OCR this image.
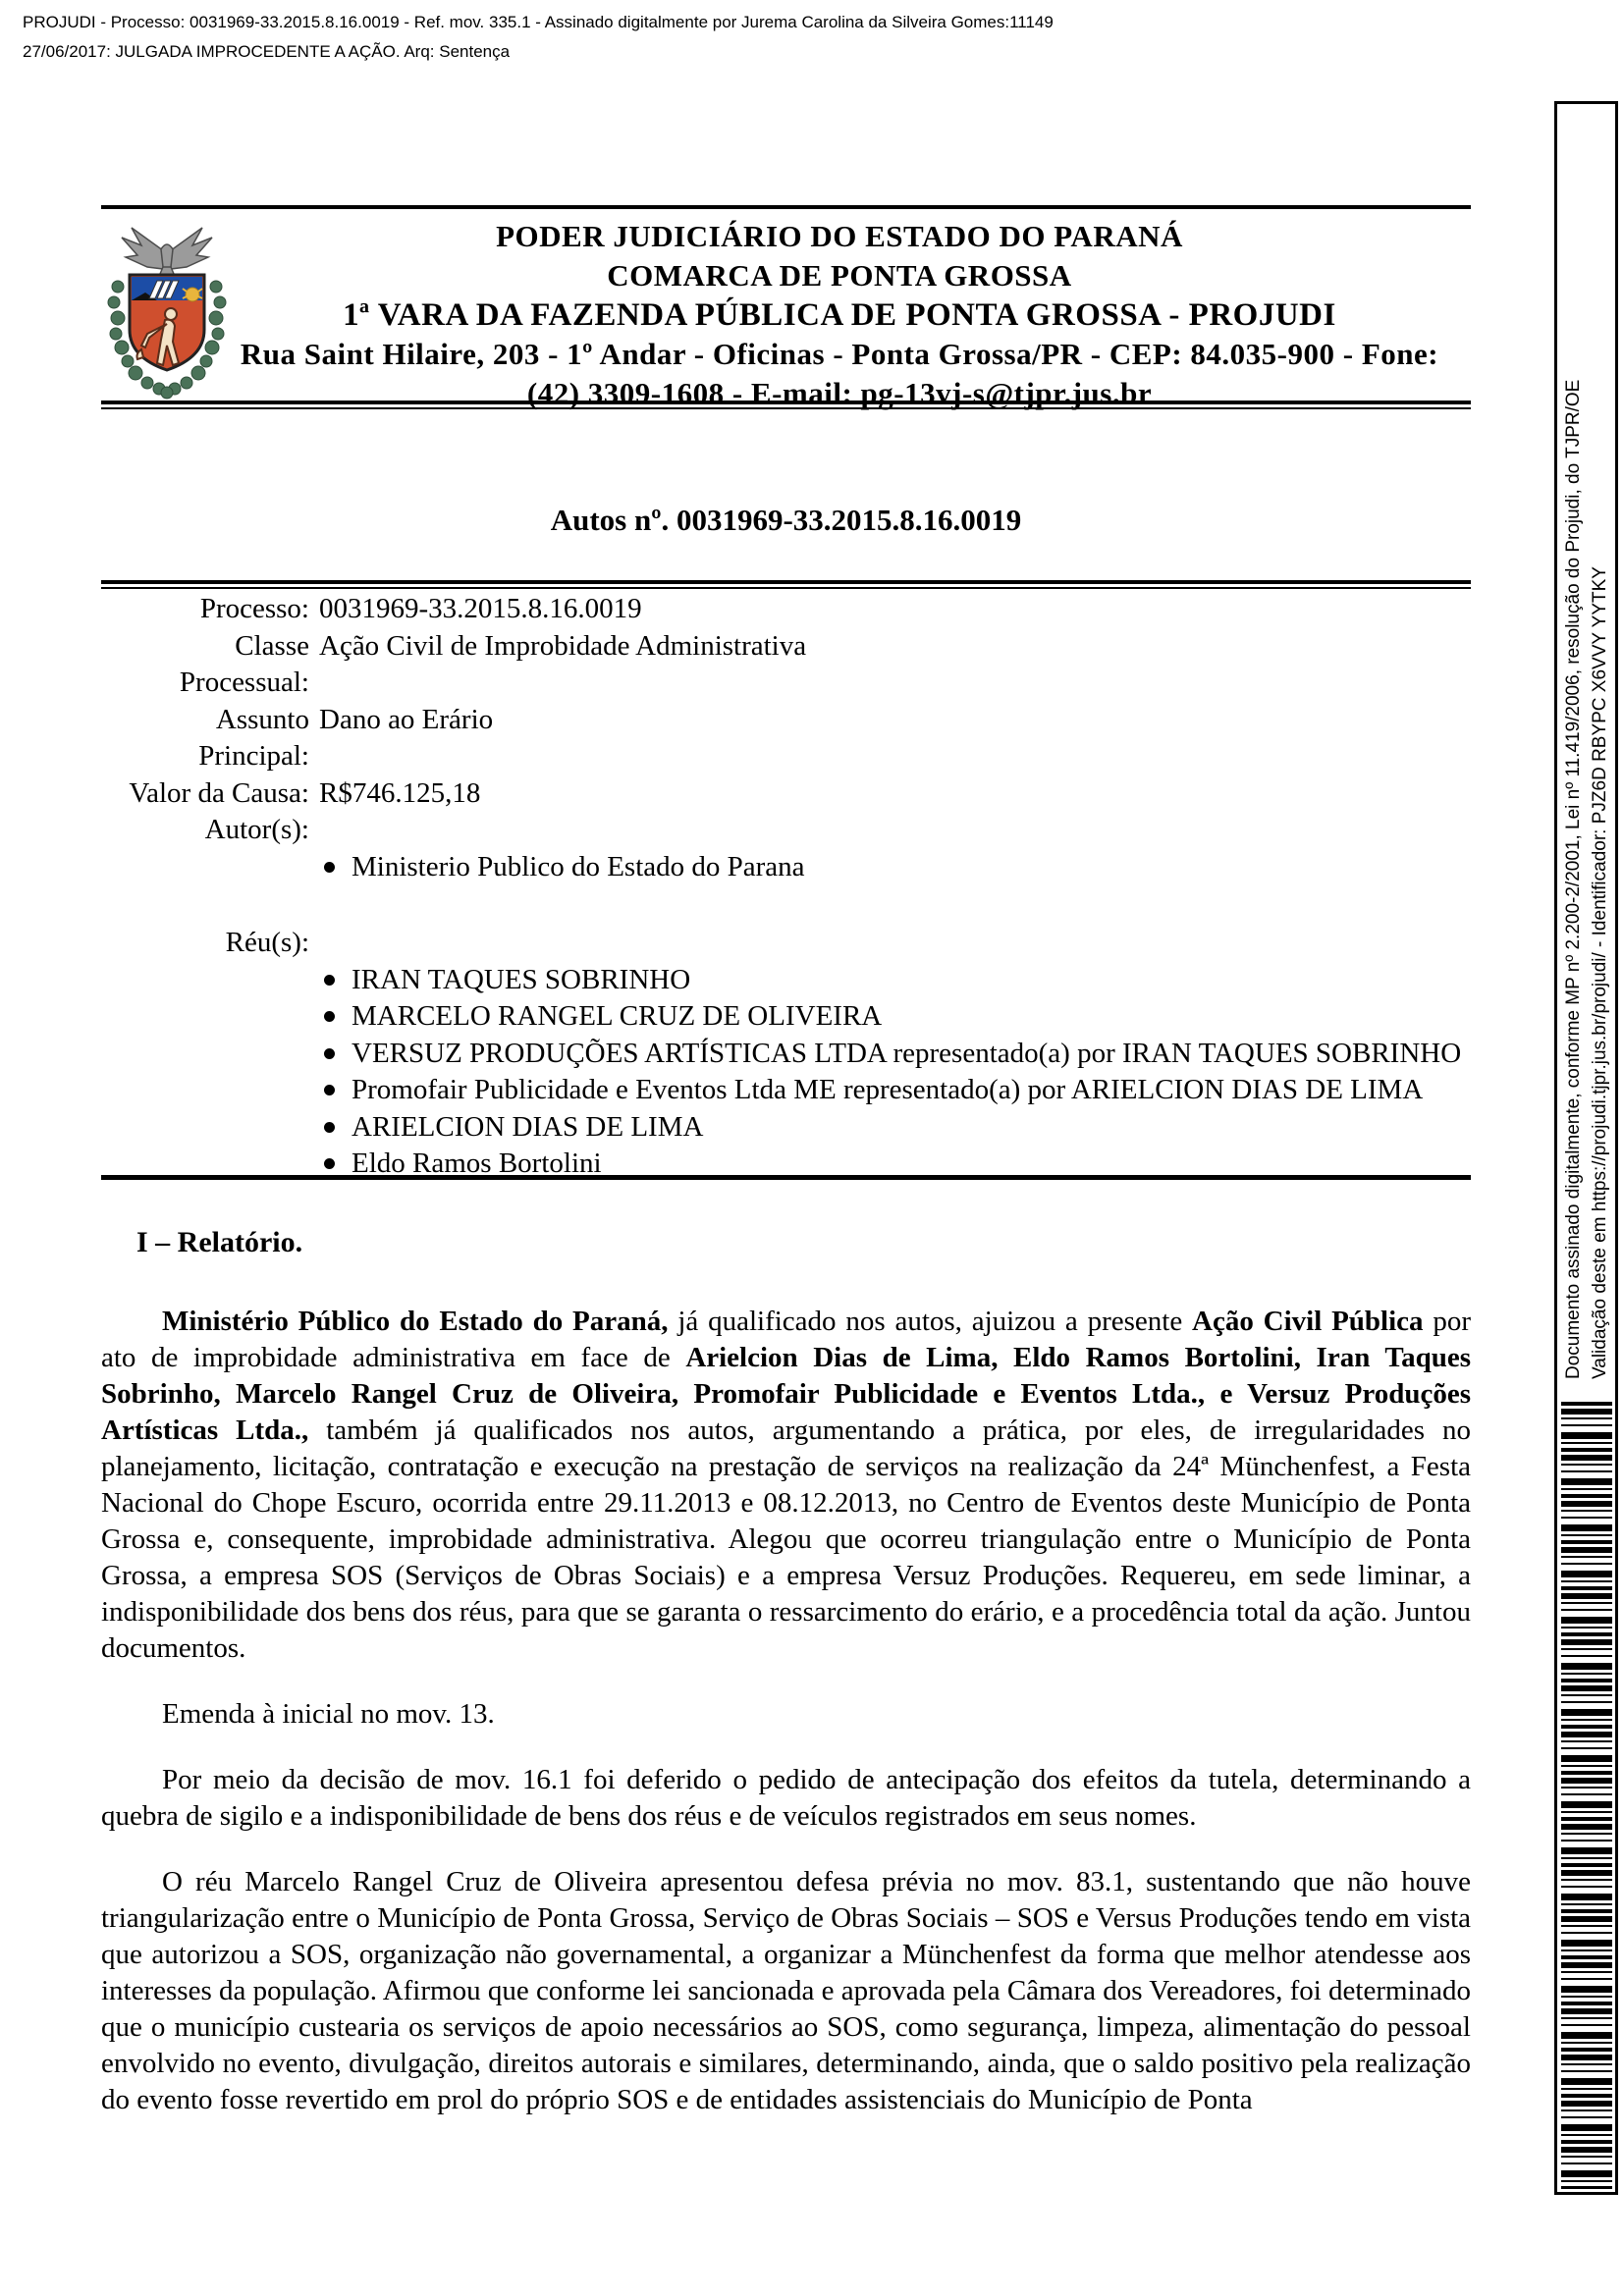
PROJUDI - Processo: 0031969-33.2015.8.16.0019 - Ref. mov. 335.1 - Assinado digitalmente por Jurema Carolina da Silveira Gomes:11149
27/06/2017: JULGADA IMPROCEDENTE A AÇÃO. Arq: Sentença
PODER JUDICIÁRIO DO ESTADO DO PARANÁ
COMARCA DE PONTA GROSSA
1ª VARA DA FAZENDA PÚBLICA DE PONTA GROSSA - PROJUDI
Rua Saint Hilaire, 203 - 1º Andar - Oficinas - Ponta Grossa/PR - CEP: 84.035-900 - Fone:
(42) 3309-1608 - E-mail: pg-13vj-s@tjpr.jus.br
Autos nº. 0031969-33.2015.8.16.0019
Processo: 0031969-33.2015.8.16.0019
Classe Processual:
Ação Civil de Improbidade Administrativa
Assunto Principal:
Dano ao Erário
Valor da Causa: R$746.125,18
Autor(s):
Ministerio Publico do Estado do Parana
Réu(s):
IRAN TAQUES SOBRINHO
MARCELO RANGEL CRUZ DE OLIVEIRA
VERSUZ PRODUÇÕES ARTÍSTICAS LTDA representado(a) por IRAN TAQUES SOBRINHO
Promofair Publicidade e Eventos Ltda ME representado(a) por ARIELCION DIAS DE LIMA
ARIELCION DIAS DE LIMA
Eldo Ramos Bortolini
I – Relatório.

Ministério Público do Estado do Paraná, já qualificado nos autos, ajuizou a presente Ação Civil Pública por ato de improbidade administrativa em face de Arielcion Dias de Lima, Eldo Ramos Bortolini, Iran Taques Sobrinho, Marcelo Rangel Cruz de Oliveira, Promofair Publicidade e Eventos Ltda., e Versuz Produções Artísticas Ltda., também já qualificados nos autos, argumentando a prática, por eles, de irregularidades no planejamento, licitação, contratação e execução na prestação de serviços na realização da 24ª Münchenfest, a Festa Nacional do Chope Escuro, ocorrida entre 29.11.2013 e 08.12.2013, no Centro de Eventos deste Município de Ponta Grossa e, consequente, improbidade administrativa. Alegou que ocorreu triangulação entre o Município de Ponta Grossa, a empresa SOS (Serviços de Obras Sociais) e a empresa Versuz Produções. Requereu, em sede liminar, a indisponibilidade dos bens dos réus, para que se garanta o ressarcimento do erário, e a procedência total da ação. Juntou documentos.

Emenda à inicial no mov. 13.

Por meio da decisão de mov. 16.1 foi deferido o pedido de antecipação dos efeitos da tutela, determinando a quebra de sigilo e a indisponibilidade de bens dos réus e de veículos registrados em seus nomes.

O réu Marcelo Rangel Cruz de Oliveira apresentou defesa prévia no mov. 83.1, sustentando que não houve triangularização entre o Município de Ponta Grossa, Serviço de Obras Sociais – SOS e Versus Produções tendo em vista que autorizou a SOS, organização não governamental, a organizar a Münchenfest da forma que melhor atendesse aos interesses da população. Afirmou que conforme lei sancionada e aprovada pela Câmara dos Vereadores, foi determinado que o município custearia os serviços de apoio necessários ao SOS, como segurança, limpeza, alimentação do pessoal envolvido no evento, divulgação, direitos autorais e similares, determinando, ainda, que o saldo positivo pela realização do evento fosse revertido em prol do próprio SOS e de entidades assistenciais do Município de Ponta

Documento assinado digitalmente, conforme MP nº 2.200-2/2001, Lei nº 11.419/2006, resolução do Projudi, do TJPR/OE Validação deste em https://projudi.tjpr.jus.br/projudi/ - Identificador: PJZ6D RBYPC X6VVY YYTKY
